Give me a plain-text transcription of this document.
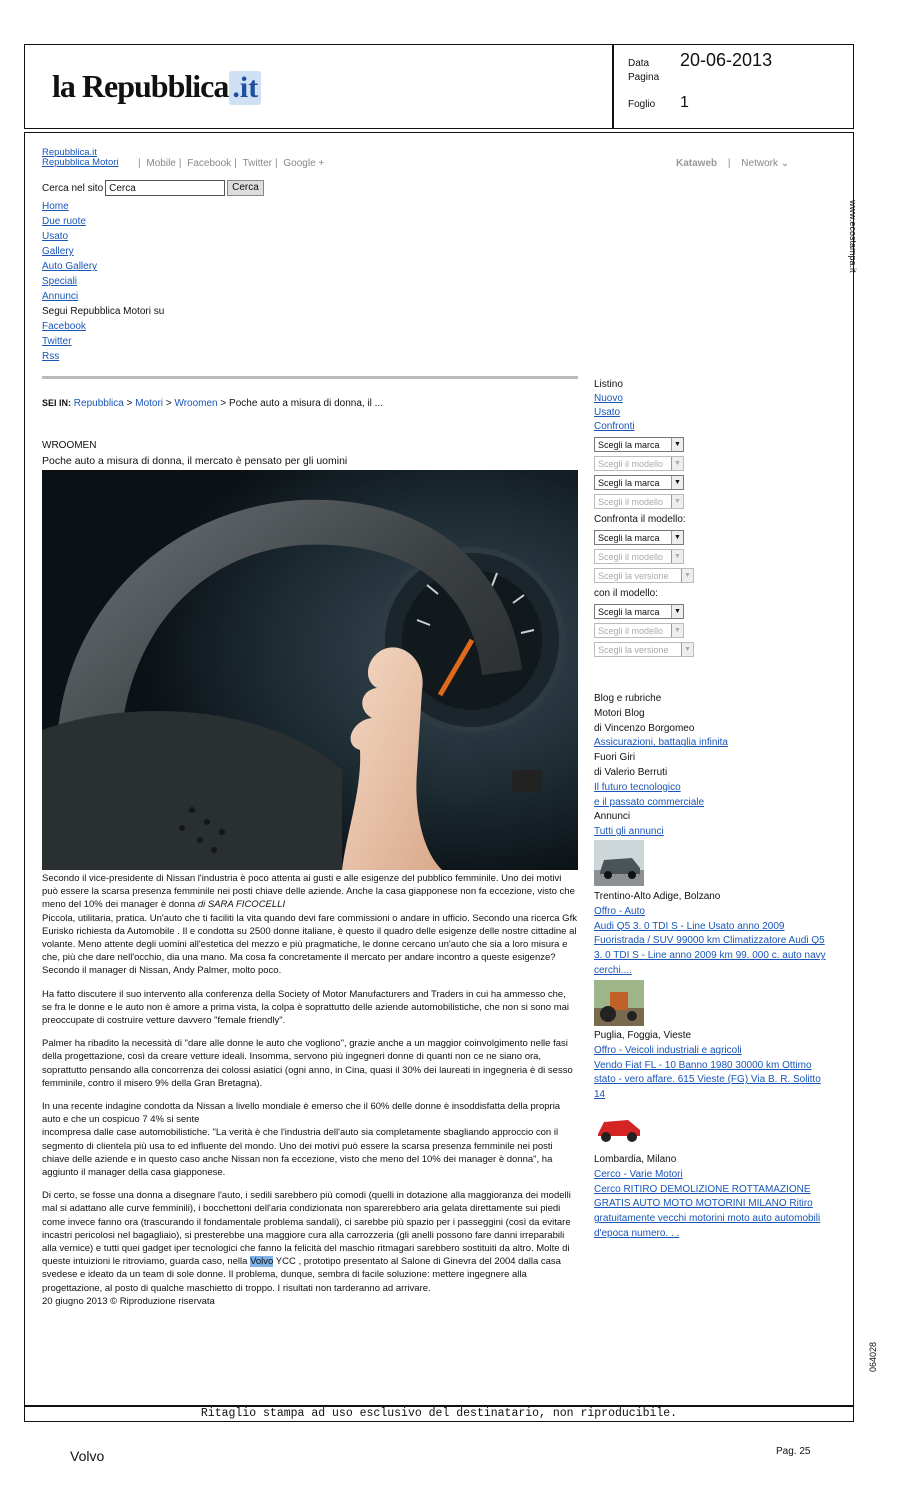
la Repubblica .it
Data	20-06-2013
Pagina
Foglio	1
www.ecostampa.it
064028
Repubblica.it
Repubblica Motori | Mobile | Facebook | Twitter | Google +	Kataweb | Network ⌄
Cerca nel sito Cerca	Cerca
Home
Due ruote
Usato
Gallery
Auto Gallery
Speciali
Annunci
Segui Repubblica Motori su
Facebook
Twitter
Rss
SEI IN: Repubblica > Motori > Wroomen > Poche auto a misura di donna, il ...
WROOMEN
Poche auto a misura di donna, il mercato è pensato per gli uomini

Secondo il vice-presidente di Nissan l'industria è poco attenta ai gusti e alle esigenze del pubblico femminile. Uno dei motivi può essere la scarsa presenza femminile nei posti chiave delle aziende. Anche la casa giapponese non fa eccezione, visto che meno del 10% dei manager è donna di SARA FICOCELLI

Piccola, utilitaria, pratica. Un'auto che ti faciliti la vita quando devi fare commissioni o andare in ufficio. Secondo una ricerca Gfk Eurisko richiesta da Automobile . Il e condotta su 2500 donne italiane, è questo il quadro delle esigenze delle nostre cittadine al volante. Meno attente degli uomini all'estetica del mezzo e più pragmatiche, le donne cercano un'auto che sia a loro misura e che, più che dare nell'occhio, dia una mano. Ma cosa fa concretamente il mercato per andare incontro a queste esigenze? Secondo il manager di Nissan, Andy Palmer, molto poco.

Ha fatto discutere il suo intervento alla conferenza della Society of Motor Manufacturers and Traders in cui ha ammesso che, se fra le donne e le auto non è amore a prima vista, la colpa è soprattutto delle aziende automobilistiche, che non si sono mai preoccupate di costruire vetture davvero "female friendly".

Palmer ha ribadito la necessità di "dare alle donne le auto che vogliono", grazie anche a un maggior coinvolgimento nelle fasi della progettazione, così da creare vetture ideali. Insomma, servono più ingegneri donne di quanti non ce ne siano ora, soprattutto pensando alla concorrenza dei colossi asiatici (ogni anno, in Cina, quasi il 30% dei laureati in ingegneria è di sesso femminile, contro il misero 9% della Gran Bretagna).

In una recente indagine condotta da Nissan a livello mondiale è emerso che il 60% delle donne è insoddisfatta della propria auto e che un cospicuo 7 4% si sente
incompresa dalle case automobilistiche. "La verità è che l'industria dell'auto sia completamente sbagliando approccio con il segmento di clientela più usa to ed influente del mondo. Uno dei motivi può essere la scarsa presenza femminile nei posti chiave delle aziende e in questo caso anche Nissan non fa eccezione, visto che meno del 10% dei manager è donna", ha aggiunto il manager della casa giapponese.

Di certo, se fosse una donna a disegnare l'auto, i sedili sarebbero più comodi (quelli in dotazione alla maggioranza dei modelli mal si adattano alle curve femminili), i bocchettoni dell'aria condizionata non sparerebbero aria gelata direttamente sui piedi come invece fanno ora (trascurando il fondamentale problema sandali), ci sarebbe più spazio per i passeggini (così da evitare incastri pericolosi nel bagagliaio), si presterebbe una maggiore cura alla carrozzeria (gli anelli possono fare danni irreparabili alla vernice) e tutti quei gadget iper tecnologici che fanno la felicità del maschio ritmagari sarebbero sostituiti da altro. Molte di queste intuizioni le ritroviamo, guarda caso, nella Volvo YCC , prototipo presentato al Salone di Ginevra del 2004 dalla casa svedese e ideato da un team di sole donne. Il problema, dunque, sembra di facile soluzione: mettere ingegnere alla progettazione, al posto di qualche maschietto di troppo. I risultati non tarderanno ad arrivare.

20 giugno 2013 © Riproduzione riservata
Listino
Nuovo
Usato
Confronti
Scegli la marca	▼
Scegli il modello	▼
Scegli la marca	▼
Scegli il modello	▼
Confronta il modello:
Scegli la marca	▼
Scegli il modello	▼
Scegli la versione	▼
con il modello:
Scegli la marca	▼
Scegli il modello	▼
Scegli la versione	▼
Blog e rubriche
Motori Blog
di Vincenzo Borgomeo
Assicurazioni, battaglia infinita
Fuori Giri
di Valerio Berruti
Il futuro tecnologico
e il passato commerciale
Annunci
Tutti gli annunci
Trentino-Alto Adige, Bolzano
Offro - Auto
Audi Q5 3. 0 TDI S - Line Usato anno 2009 Fuoristrada / SUV 99000 km Climatizzatore Audi Q5 3. 0 TDI S - Line anno 2009 km 99. 000 c. auto navy cerchi....
Puglia, Foggia, Vieste
Offro - Veicoli industriali e agricoli
Vendo Fiat FL - 10 Banno 1980 30000 km Ottimo stato - vero affare. 615 Vieste (FG) Via B. R. Solitto 14
Lombardia, Milano
Cerco - Varie Motori
Cerco RITIRO DEMOLIZIONE ROTTAMAZIONE GRATIS AUTO MOTO MOTORINI MILANO Ritiro gratuitamente vecchi motorini moto auto automobili d'epoca numero. . .
Ritaglio stampa ad uso esclusivo del destinatario, non riproducibile.
Volvo	Pag. 25
